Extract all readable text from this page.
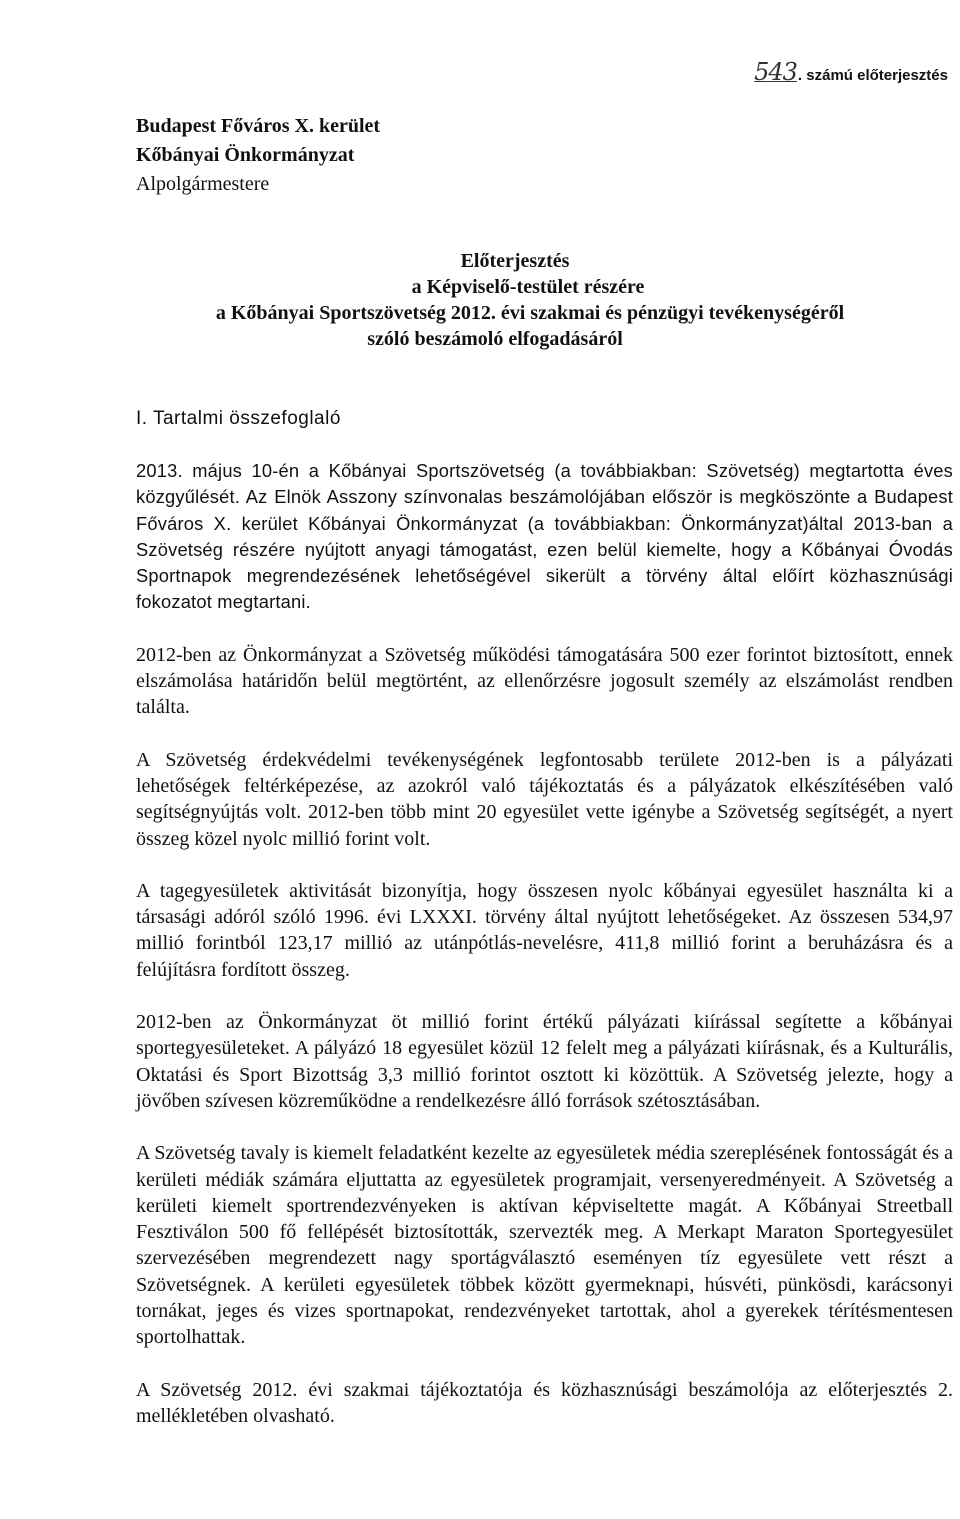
543. számú előterjesztés
Budapest Főváros X. kerület
Kőbányai Önkormányzat
Alpolgármestere
Előterjesztés
a Képviselő-testület részére
a Kőbányai Sportszövetség 2012. évi szakmai és pénzügyi tevékenységéről
szóló beszámoló elfogadásáról
I. Tartalmi összefoglaló

2013. május 10-én a Kőbányai Sportszövetség (a továbbiakban: Szövetség) megtartotta éves közgyűlését. Az Elnök Asszony színvonalas beszámolójában először is megköszönte a Budapest Főváros X. kerület Kőbányai Önkormányzat (a továbbiakban: Önkormányzat)által 2013-ban a Szövetség részére nyújtott anyagi támogatást, ezen belül kiemelte, hogy a Kőbányai Óvodás Sportnapok megrendezésének lehetőségével sikerült a törvény által előírt közhasznúsági fokozatot megtartani.

2012-ben az Önkormányzat a Szövetség működési támogatására 500 ezer forintot biztosított, ennek elszámolása határidőn belül megtörtént, az ellenőrzésre jogosult személy az elszámolást rendben találta.

A Szövetség érdekvédelmi tevékenységének legfontosabb területe 2012-ben is a pályázati lehetőségek feltérképezése, az azokról való tájékoztatás és a pályázatok elkészítésében való segítségnyújtás volt. 2012-ben több mint 20 egyesület vette igénybe a Szövetség segítségét, a nyert összeg közel nyolc millió forint volt.

A tagegyesületek aktivitását bizonyítja, hogy összesen nyolc kőbányai egyesület használta ki a társasági adóról szóló 1996. évi LXXXI. törvény által nyújtott lehetőségeket. Az összesen 534,97 millió forintból 123,17 millió az utánpótlás-nevelésre, 411,8 millió forint a beruházásra és a felújításra fordított összeg.

2012-ben az Önkormányzat öt millió forint értékű pályázati kiírással segítette a kőbányai sportegyesületeket. A pályázó 18 egyesület közül 12 felelt meg a pályázati kiírásnak, és a Kulturális, Oktatási és Sport Bizottság 3,3 millió forintot osztott ki közöttük. A Szövetség jelezte, hogy a jövőben szívesen közreműködne a rendelkezésre álló források szétosztásában.

A Szövetség tavaly is kiemelt feladatként kezelte az egyesületek média szereplésének fontosságát és a kerületi médiák számára eljuttatta az egyesületek programjait, versenyeredményeit. A Szövetség a kerületi kiemelt sportrendezvényeken is aktívan képviseltette magát. A Kőbányai Streetball Fesztiválon 500 fő fellépését biztosították, szervezték meg. A Merkapt Maraton Sportegyesület szervezésében megrendezett nagy sportágválasztó eseményen tíz egyesülete vett részt a Szövetségnek. A kerületi egyesületek többek között gyermeknapi, húsvéti, pünkösdi, karácsonyi tornákat, jeges és vizes sportnapokat, rendezvényeket tartottak, ahol a gyerekek térítésmentesen sportolhattak.

A Szövetség 2012. évi szakmai tájékoztatója és közhasznúsági beszámolója az előterjesztés 2. mellékletében olvasható.
